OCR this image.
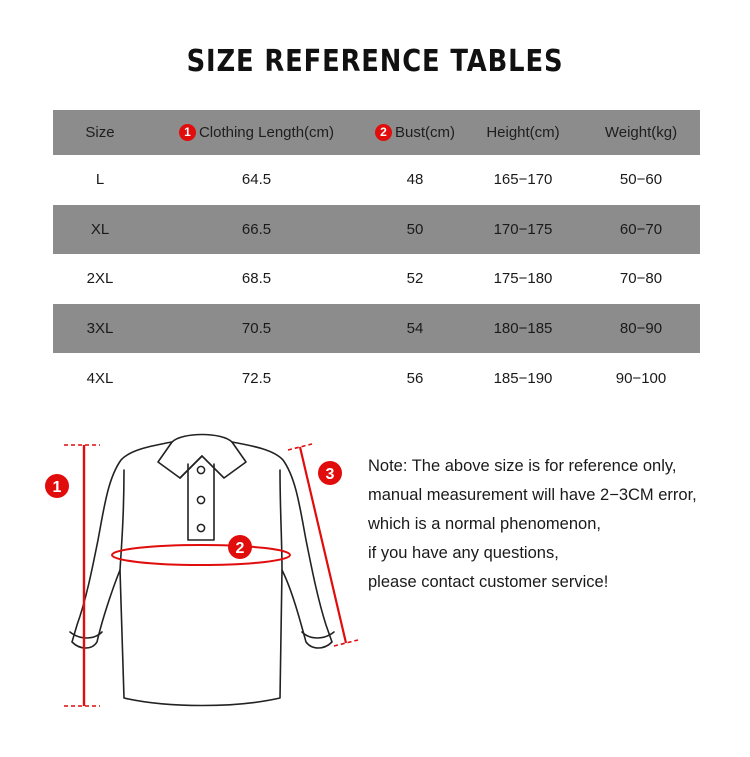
SIZE REFERENCE TABLES
Size	1 Clothing Length(cm)	2 Bust(cm)	Height(cm)	Weight(kg)
L	64.5	48	165−170	50−60
XL	66.5	50	170−175	60−70
2XL	68.5	52	175−180	70−80
3XL	70.5	54	180−185	80−90
4XL	72.5	56	185−190	90−100
1
2
3 Note: The above size is for reference only,
manual measurement will have 2−3CM error,
which is a normal phenomenon,
if you have any questions,
please contact customer service!
